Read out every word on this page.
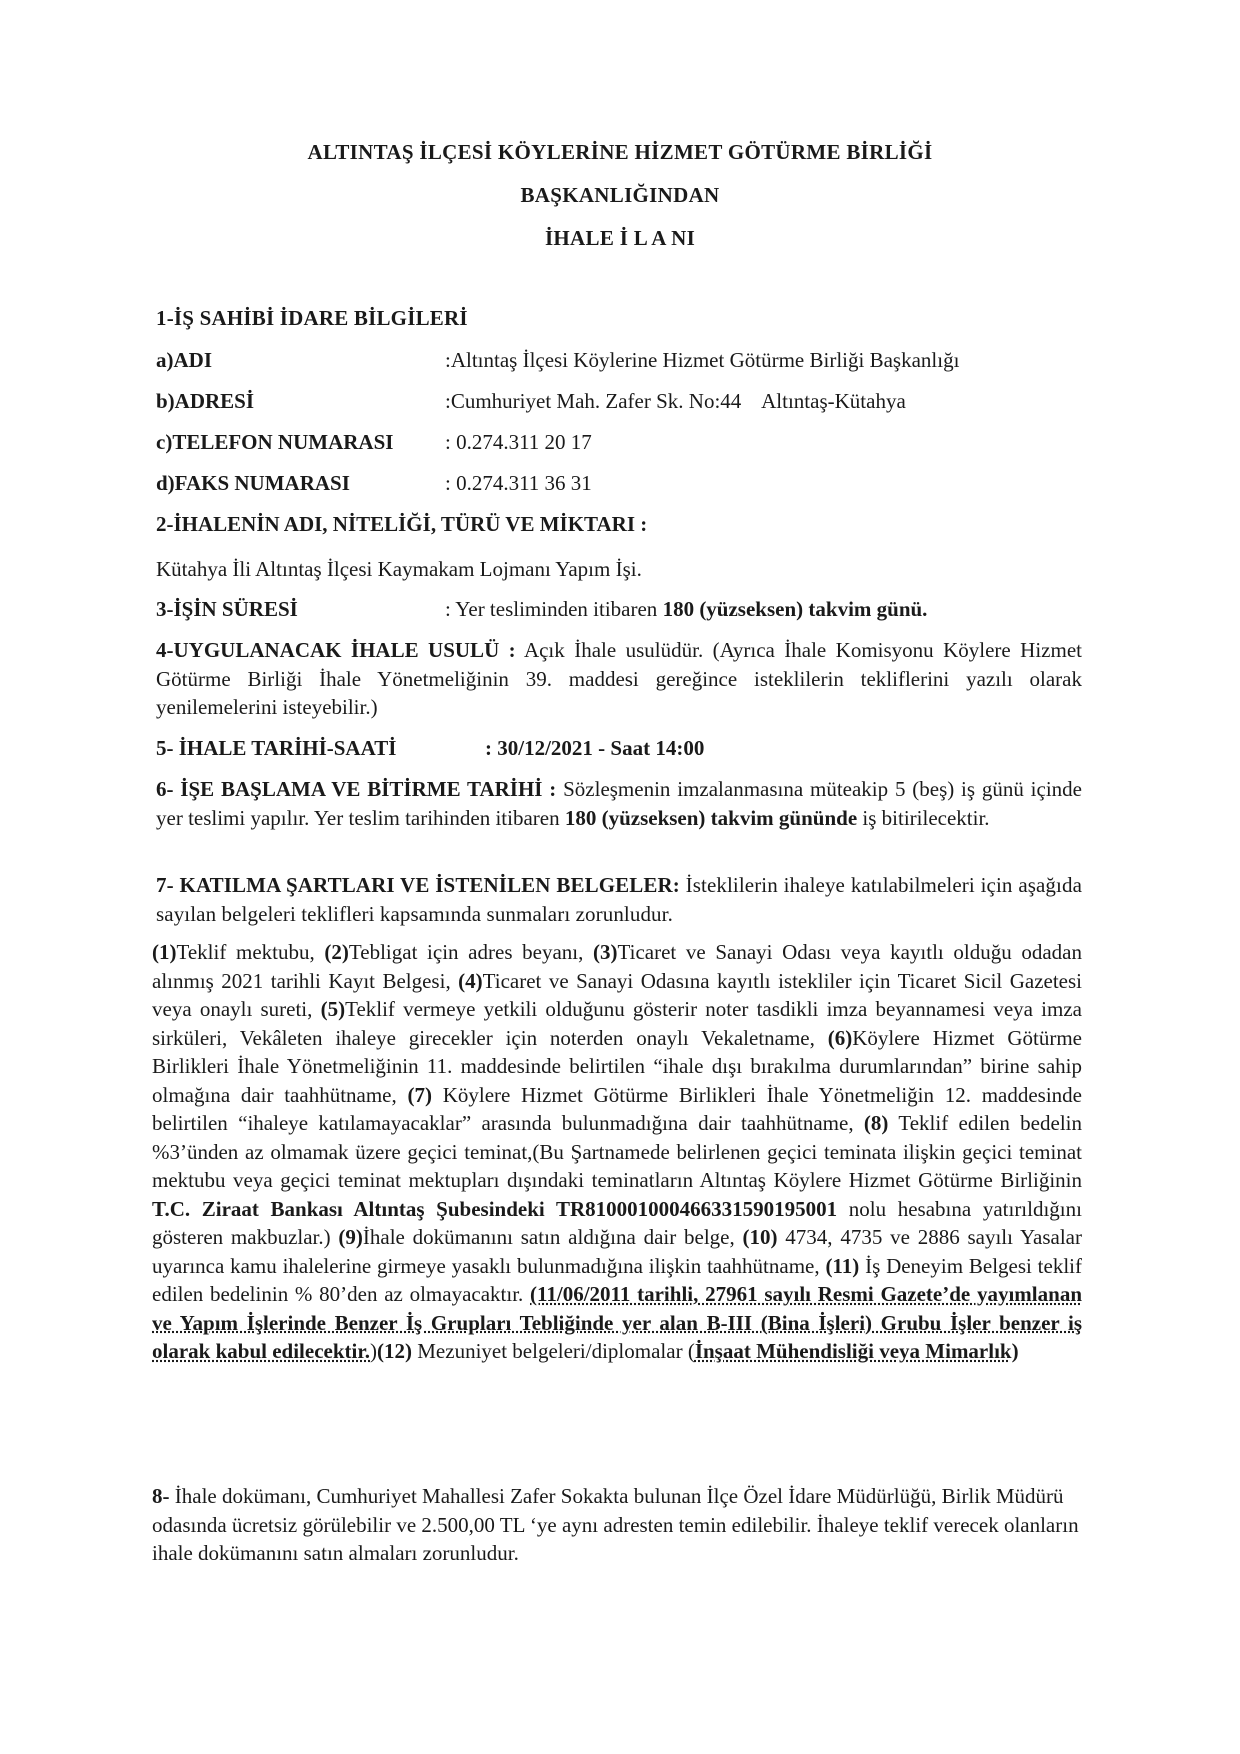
ALTINTAŞ İLÇESİ KÖYLERİNE HİZMET GÖTÜRME BİRLİĞİ
BAŞKANLIĞINDAN
İHALE İ L A NI
1-İŞ SAHİBİ İDARE BİLGİLERİ
a)ADI	:Altıntaş İlçesi Köylerine Hizmet Götürme Birliği Başkanlığı
b)ADRESİ	:Cumhuriyet Mah. Zafer Sk. No:44    Altıntaş-Kütahya
c)TELEFON NUMARASI : 0.274.311 20 17
d)FAKS NUMARASI	: 0.274.311 36 31
2-İHALENİN ADI, NİTELİĞİ, TÜRÜ VE MİKTARI :
Kütahya İli Altıntaş İlçesi Kaymakam Lojmanı Yapım İşi.
3-İŞİN SÜRESİ	: Yer tesliminden itibaren 180 (yüzseksen) takvim günü.
4-UYGULANACAK İHALE USULÜ : Açık İhale usulüdür. (Ayrıca İhale Komisyonu Köylere Hizmet Götürme Birliği İhale Yönetmeliğinin 39. maddesi gereğince isteklilerin tekliflerini yazılı olarak yenilemelerini isteyebilir.)
5- İHALE TARİHİ-SAATİ	: 30/12/2021 - Saat 14:00
6- İŞE BAŞLAMA VE BİTİRME TARİHİ : Sözleşmenin imzalanmasına müteakip 5 (beş) iş günü içinde yer teslimi yapılır. Yer teslim tarihinden itibaren 180 (yüzseksen) takvim gününde iş bitirilecektir.
7- KATILMA ŞARTLARI VE İSTENİLEN BELGELER: İsteklilerin ihaleye katılabilmeleri için aşağıda sayılan belgeleri teklifleri kapsamında sunmaları zorunludur.
(1)Teklif mektubu, (2)Tebligat için adres beyanı, (3)Ticaret ve Sanayi Odası veya kayıtlı olduğu odadan alınmış 2021 tarihli Kayıt Belgesi, (4)Ticaret ve Sanayi Odasına kayıtlı istekliler için Ticaret Sicil Gazetesi veya onaylı sureti, (5)Teklif vermeye yetkili olduğunu gösterir noter tasdikli imza beyannamesi veya imza sirküleri, Vekâleten ihaleye girecekler için noterden onaylı Vekaletname, (6)Köylere Hizmet Götürme Birlikleri İhale Yönetmeliğinin 11. maddesinde belirtilen “ihale dışı bırakılma durumlarından” birine sahip olmağına dair taahhütname, (7) Köylere Hizmet Götürme Birlikleri İhale Yönetmeliğin 12. maddesinde belirtilen “ihaleye katılamayacaklar” arasında bulunmadığına dair taahhütname, (8) Teklif edilen bedelin %3’ünden az olmamak üzere geçici teminat,(Bu Şartnamede belirlenen geçici teminata ilişkin geçici teminat mektubu veya geçici teminat mektupları dışındaki teminatların Altıntaş Köylere Hizmet Götürme Birliğinin T.C. Ziraat Bankası Altıntaş Şubesindeki TR810001000466331590195001 nolu hesabına yatırıldığını gösteren makbuzlar.) (9)İhale dokümanını satın aldığına dair belge, (10) 4734, 4735 ve 2886 sayılı Yasalar uyarınca kamu ihalelerine girmeye yasaklı bulunmadığına ilişkin taahhütname, (11) İş Deneyim Belgesi teklif edilen bedelinin % 80’den az olmayacaktır. (11/06/2011 tarihli, 27961 sayılı Resmi Gazete’de yayımlanan ve Yapım İşlerinde Benzer İş Grupları Tebliğinde yer alan B-III (Bina İşleri) Grubu İşler benzer iş olarak kabul edilecektir.)(12) Mezuniyet belgeleri/diplomalar (İnşaat Mühendisliği veya Mimarlık)
8- İhale dokümanı, Cumhuriyet Mahallesi Zafer Sokakta bulunan İlçe Özel İdare Müdürlüğü, Birlik Müdürü odasında ücretsiz görülebilir ve 2.500,00 TL ‘ye aynı adresten temin edilebilir. İhaleye teklif verecek olanların ihale dokümanını satın almaları zorunludur.
